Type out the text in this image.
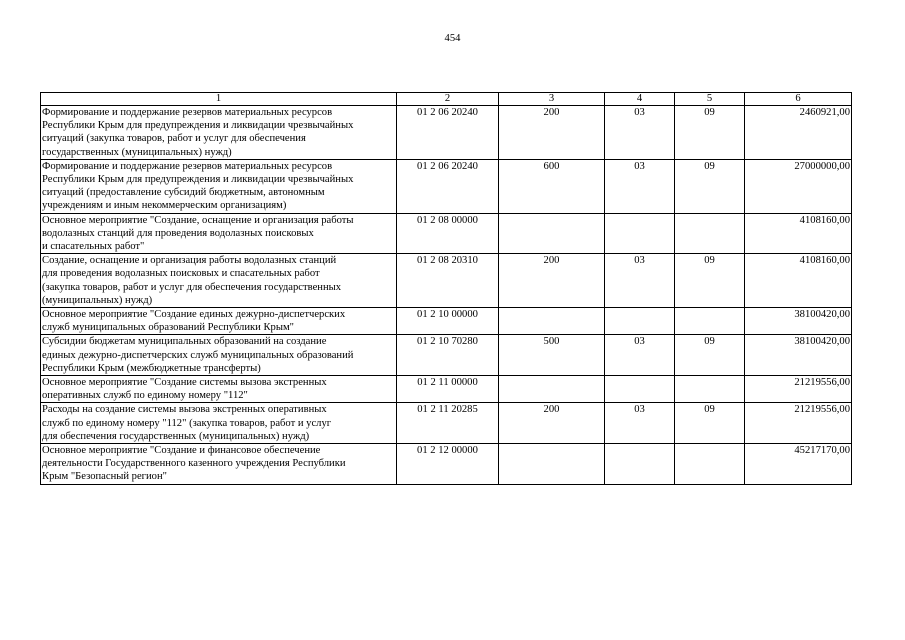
454
1	2	3	4	5	6

Формирование и поддержание резервов материальных ресурсов
Республики Крым для предупреждения и ликвидации чрезвычайных
ситуаций (закупка товаров, работ и услуг для обеспечения
государственных (муниципальных) нужд)	01 2 06 20240	200	03	09	2460921,00

Формирование и поддержание резервов материальных ресурсов
Республики Крым для предупреждения и ликвидации чрезвычайных
ситуаций (предоставление субсидий бюджетным, автономным
учреждениям и иным некоммерческим организациям)	01 2 06 20240	600	03	09	27000000,00

Основное мероприятие "Создание, оснащение и организация работы
водолазных станций для проведения водолазных поисковых
и спасательных работ"	01 2 08 00000				4108160,00

Создание, оснащение и организация работы водолазных станций
для проведения водолазных поисковых и спасательных работ
(закупка товаров, работ и услуг для обеспечения государственных
(муниципальных) нужд)	01 2 08 20310	200	03	09	4108160,00

Основное мероприятие "Создание единых дежурно-диспетчерских
служб муниципальных образований Республики Крым"	01 2 10 00000				38100420,00

Субсидии бюджетам муниципальных образований на создание
единых дежурно-диспетчерских служб муниципальных образований
Республики Крым (межбюджетные трансферты)	01 2 10 70280	500	03	09	38100420,00

Основное мероприятие "Создание системы вызова экстренных
оперативных служб по единому номеру "112"	01 2 11 00000				21219556,00

Расходы на создание системы вызова экстренных оперативных
служб по единому номеру "112" (закупка товаров, работ и услуг
для обеспечения государственных (муниципальных) нужд)	01 2 11 20285	200	03	09	21219556,00

Основное мероприятие "Создание и финансовое обеспечение
деятельности Государственного казенного учреждения Республики
Крым "Безопасный регион"	01 2 12 00000				45217170,00
